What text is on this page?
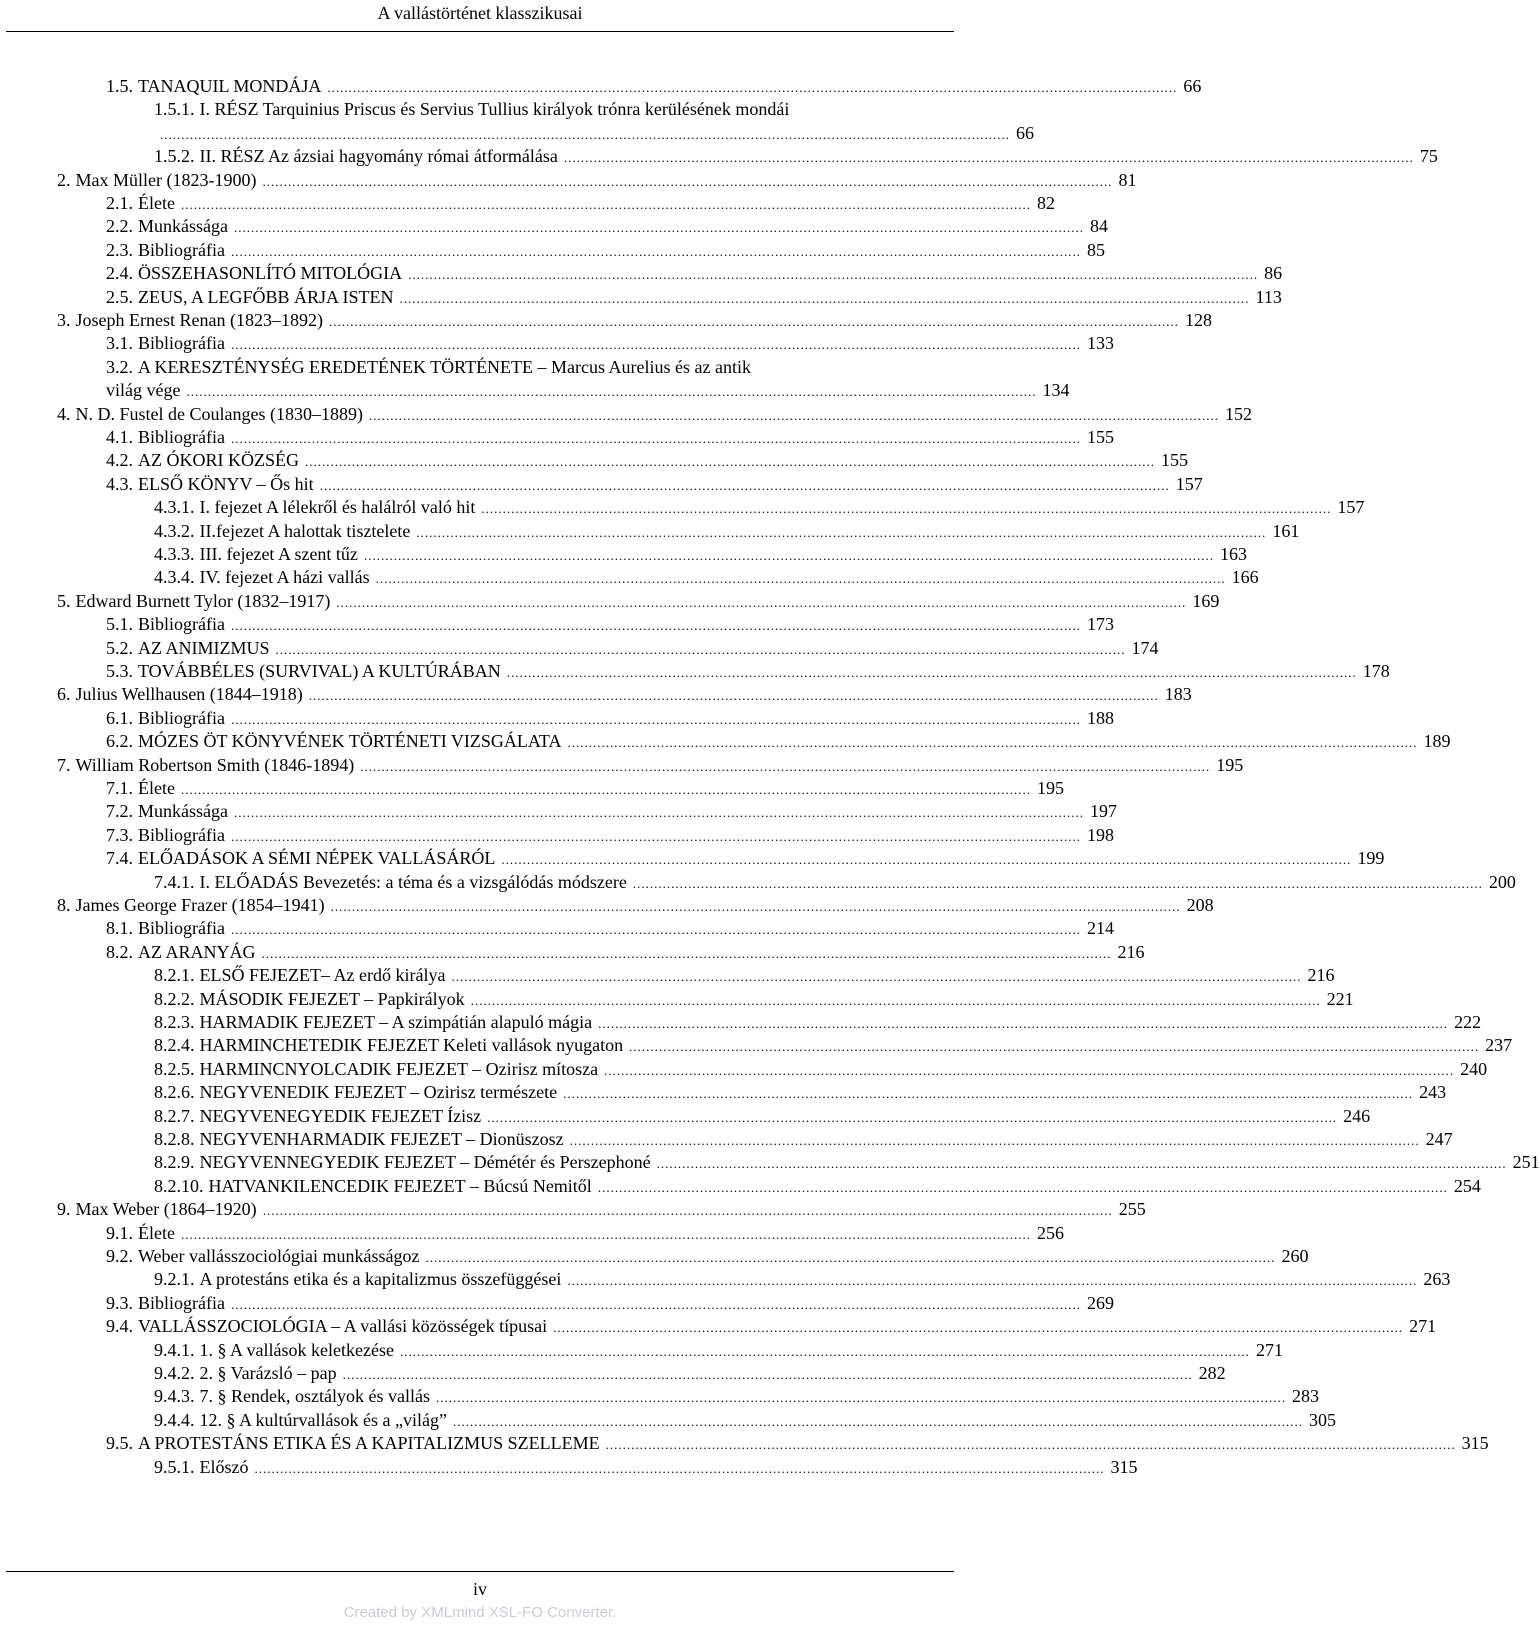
A vallástörténet klasszikusai
1.5. TANAQUIL MONDÁJA ........................................................................................................................................................................................................ 66
1.5.1. I. RÉSZ Tarquinius Priscus és Servius Tullius királyok trónra kerülésének mondái
........................................................................................................................................................................................................ 66
1.5.2. II. RÉSZ Az ázsiai hagyomány római átformálása ........................................................................................................................................................................................................ 75
2. Max Müller (1823-1900) ........................................................................................................................................................................................................ 81
2.1. Élete ........................................................................................................................................................................................................ 82
2.2. Munkássága ........................................................................................................................................................................................................ 84
2.3. Bibliográfia ........................................................................................................................................................................................................ 85
2.4. ÖSSZEHASONLÍTÓ MITOLÓGIA ........................................................................................................................................................................................................ 86
2.5. ZEUS, A LEGFŐBB ÁRJA ISTEN ........................................................................................................................................................................................................ 113
3. Joseph Ernest Renan (1823–1892) ........................................................................................................................................................................................................ 128
3.1. Bibliográfia ........................................................................................................................................................................................................ 133
3.2. A KERESZTÉNYSÉG EREDETÉNEK TÖRTÉNETE – Marcus Aurelius és az antik
világ vége ........................................................................................................................................................................................................ 134
4. N. D. Fustel de Coulanges (1830–1889) ........................................................................................................................................................................................................ 152
4.1. Bibliográfia ........................................................................................................................................................................................................ 155
4.2. AZ ÓKORI KÖZSÉG ........................................................................................................................................................................................................ 155
4.3. ELSŐ KÖNYV – Ős hit ........................................................................................................................................................................................................ 157
4.3.1. I. fejezet A lélekről és halálról való hit ........................................................................................................................................................................................................ 157
4.3.2. II.fejezet A halottak tisztelete ........................................................................................................................................................................................................ 161
4.3.3. III. fejezet A szent tűz ........................................................................................................................................................................................................ 163
4.3.4. IV. fejezet A házi vallás ........................................................................................................................................................................................................ 166
5. Edward Burnett Tylor (1832–1917) ........................................................................................................................................................................................................ 169
5.1. Bibliográfia ........................................................................................................................................................................................................ 173
5.2. AZ ANIMIZMUS ........................................................................................................................................................................................................ 174
5.3. TOVÁBBÉLES (SURVIVAL) A KULTÚRÁBAN ........................................................................................................................................................................................................ 178
6. Julius Wellhausen (1844–1918) ........................................................................................................................................................................................................ 183
6.1. Bibliográfia ........................................................................................................................................................................................................ 188
6.2. MÓZES ÖT KÖNYVÉNEK TÖRTÉNETI VIZSGÁLATA ........................................................................................................................................................................................................ 189
7. William Robertson Smith (1846-1894) ........................................................................................................................................................................................................ 195
7.1. Élete ........................................................................................................................................................................................................ 195
7.2. Munkássága ........................................................................................................................................................................................................ 197
7.3. Bibliográfia ........................................................................................................................................................................................................ 198
7.4. ELŐADÁSOK A SÉMI NÉPEK VALLÁSÁRÓL ........................................................................................................................................................................................................ 199
7.4.1. I. ELŐADÁS Bevezetés: a téma és a vizsgálódás módszere ........................................................................................................................................................................................................ 200
8. James George Frazer (1854–1941) ........................................................................................................................................................................................................ 208
8.1. Bibliográfia ........................................................................................................................................................................................................ 214
8.2. AZ ARANYÁG ........................................................................................................................................................................................................ 216
8.2.1. ELSŐ FEJEZET– Az erdő királya ........................................................................................................................................................................................................ 216
8.2.2. MÁSODIK FEJEZET – Papkirályok ........................................................................................................................................................................................................ 221
8.2.3. HARMADIK FEJEZET – A szimpátián alapuló mágia ........................................................................................................................................................................................................ 222
8.2.4. HARMINCHETEDIK FEJEZET Keleti vallások nyugaton ........................................................................................................................................................................................................ 237
8.2.5. HARMINCNYOLCADIK FEJEZET – Ozirisz mítosza ........................................................................................................................................................................................................ 240
8.2.6. NEGYVENEDIK FEJEZET – Ozirisz természete ........................................................................................................................................................................................................ 243
8.2.7. NEGYVENEGYEDIK FEJEZET Ízisz ........................................................................................................................................................................................................ 246
8.2.8. NEGYVENHARMADIK FEJEZET – Dionüszosz ........................................................................................................................................................................................................ 247
8.2.9. NEGYVENNEGYEDIK FEJEZET – Démétér és Perszephoné ........................................................................................................................................................................................................ 251
8.2.10. HATVANKILENCEDIK FEJEZET – Búcsú Nemitől ........................................................................................................................................................................................................ 254
9. Max Weber (1864–1920) ........................................................................................................................................................................................................ 255
9.1. Élete ........................................................................................................................................................................................................ 256
9.2. Weber vallásszociológiai munkásságoz ........................................................................................................................................................................................................ 260
9.2.1. A protestáns etika és a kapitalizmus összefüggései ........................................................................................................................................................................................................ 263
9.3. Bibliográfia ........................................................................................................................................................................................................ 269
9.4. VALLÁSSZOCIOLÓGIA – A vallási közösségek típusai ........................................................................................................................................................................................................ 271
9.4.1. 1. § A vallások keletkezése ........................................................................................................................................................................................................ 271
9.4.2. 2. § Varázsló – pap ........................................................................................................................................................................................................ 282
9.4.3. 7. § Rendek, osztályok és vallás ........................................................................................................................................................................................................ 283
9.4.4. 12. § A kultúrvallások és a „világ” ........................................................................................................................................................................................................ 305
9.5. A PROTESTÁNS ETIKA ÉS A KAPITALIZMUS SZELLEME ........................................................................................................................................................................................................ 315
9.5.1. Előszó ........................................................................................................................................................................................................ 315
iv
Created by XMLmind XSL-FO Converter.
